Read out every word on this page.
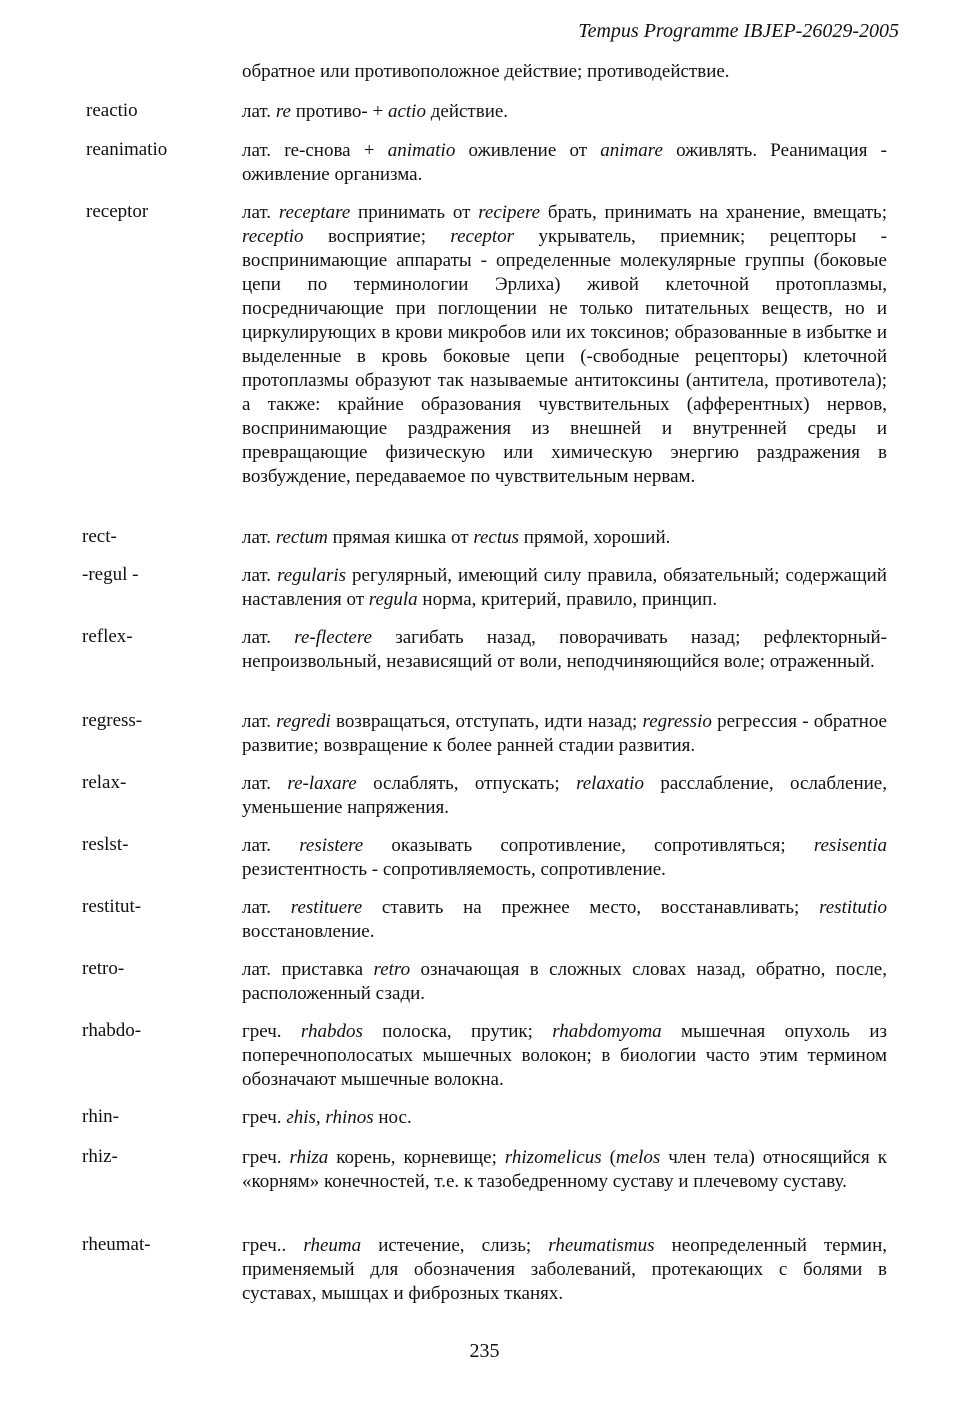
Tempus Programme IBJEP-26029-2005
обратное или противоположное действие; противодействие.
reactio	лат. re противо- + actio действие.
reanimatio	лат. re-снова + animatio оживление от animare оживлять. Реанимация - оживление организма.
receptor	лат. receptare принимать от recipere брать, принимать на хранение, вмещать; receptio восприятие; receptor укрыватель, приемник; рецепторы - воспринимающие аппараты - определенные молекулярные группы (боковые цепи по терминологии Эрлиха) живой клеточной протоплазмы, посредничающие при поглощении не только питательных веществ, но и циркулирующих в крови микробов или их токсинов; образованные в избытке и выделенные в кровь боковые цепи (-свободные рецепторы) клеточной протоплазмы образуют так называемые антитоксины (антитела, противотела); а также: крайние образования чувствительных (афферентных) нервов, воспринимающие раздражения из внешней и внутренней среды и превращающие физическую или химическую энергию раздражения в возбуждение, передаваемое по чувствительным нервам.
rect-	лат. rectum прямая кишка от rectus прямой, хороший.
-regul -	лат. regularis регулярный, имеющий силу правила, обязательный; содержащий наставления от regula норма, критерий, правило, принцип.
reflex-	лат. re-flectere загибать назад, поворачивать назад; рефлекторный-непроизвольный, независящий от воли, неподчиняющийся воле; отраженный.
regress-	лат. regredi возвращаться, отступать, идти назад; regressio регрессия - обратное развитие; возвращение к более ранней стадии развития.
relax-	лат. re-laxare ослаблять, отпускать; relaxatio расслабление, ослабление, уменьшение напряжения.
reslst-	лат. resistere оказывать сопротивление, сопротивляться; resisentia резистентность - сопротивляемость, сопротивление.
restitut-	лат. restituere ставить на прежнее место, восстанавливать; restitutio восстановление.
retro-	лат. приставка retro означающая в сложных словах назад, обратно, после, расположенный сзади.
rhabdo-	греч. rhabdos полоска, прутик; rhabdomyoma мышечная опухоль из поперечнополосатых мышечных волокон; в биологии часто этим термином обозначают мышечные волокна.
rhin-	греч. гhis, rhinos нос.
rhiz-	греч. rhiza корень, корневище; rhizomelicus (melos член тела) относящийся к «корням» конечностей, т.е. к тазобедренному суставу и плечевому суставу.
rheumat-	греч.. rheuma истечение, слизь; rheumatismus неопределенный термин, применяемый для обозначения заболеваний, протекающих с болями в суставах, мышцах и фиброзных тканях.
235
